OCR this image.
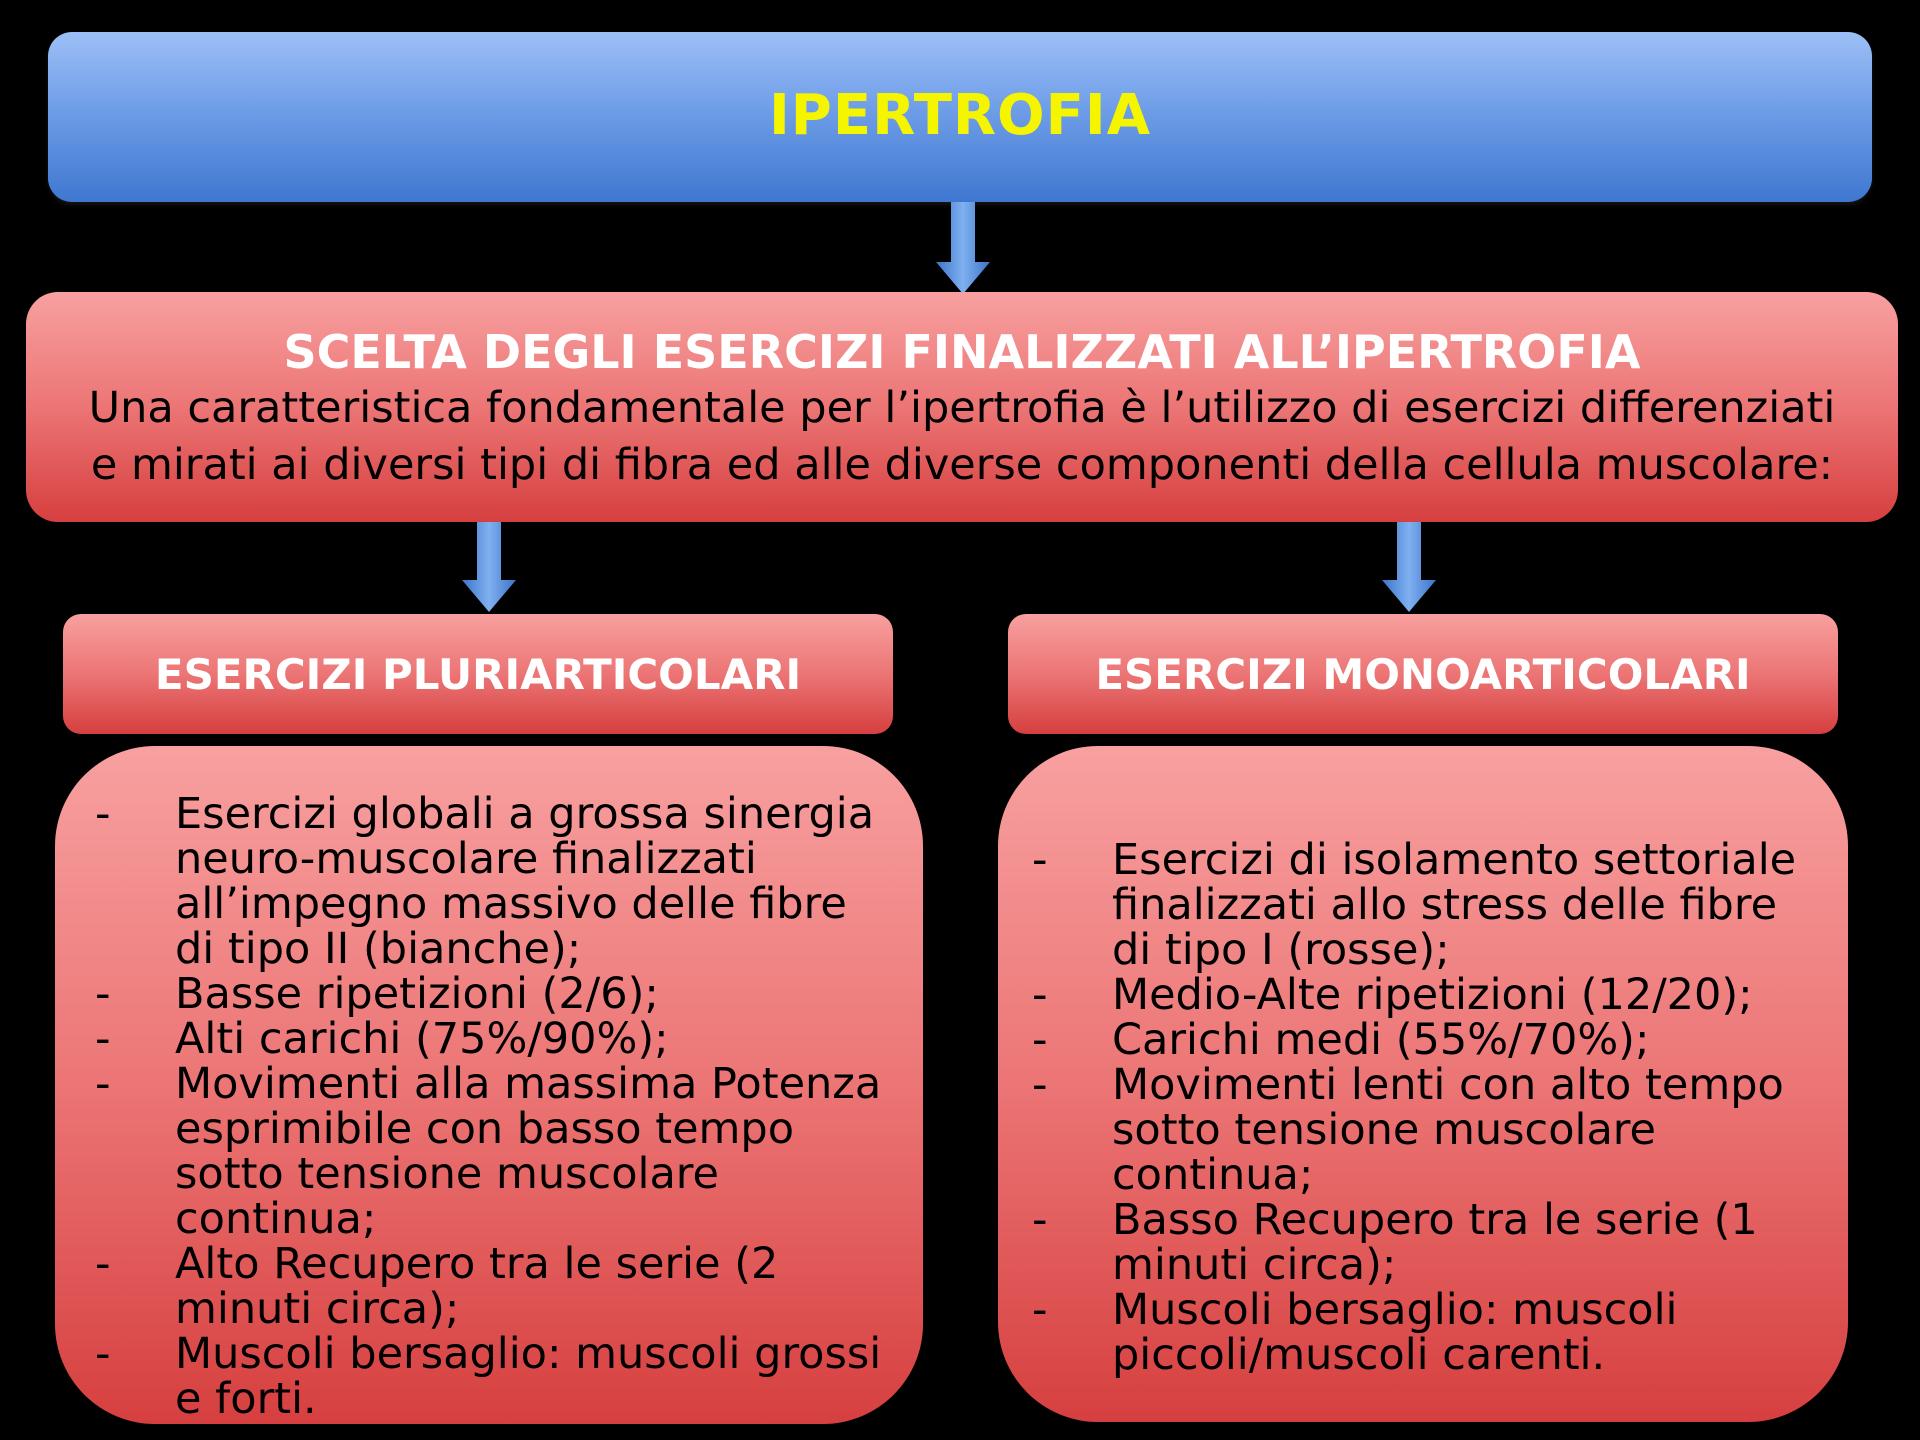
IPERTROFIA
SCELTA DEGLI ESERCIZI FINALIZZATI ALL’IPERTROFIA
Una caratteristica fondamentale per l’ipertrofia è l’utilizzo di esercizi differenziati
e mirati ai diversi tipi di fibra ed alle diverse componenti della cellula muscolare:
ESERCIZI PLURIARTICOLARI	ESERCIZI MONOARTICOLARI
- Esercizi globali a grossa sinergia neuro-muscolare finalizzati all’impegno massivo delle fibre di tipo II (bianche);
- Basse ripetizioni (2/6);
- Alti carichi (75%/90%);
- Movimenti alla massima Potenza esprimibile con basso tempo sotto tensione muscolare continua;
- Alto Recupero tra le serie (2 minuti circa);
- Muscoli bersaglio: muscoli grossi e forti.
- Esercizi di isolamento settoriale finalizzati allo stress delle fibre di tipo I (rosse);
- Medio-Alte ripetizioni (12/20);
- Carichi medi (55%/70%);
- Movimenti lenti con alto tempo sotto tensione muscolare continua;
- Basso Recupero tra le serie (1 minuti circa);
- Muscoli bersaglio: muscoli piccoli/muscoli carenti.
